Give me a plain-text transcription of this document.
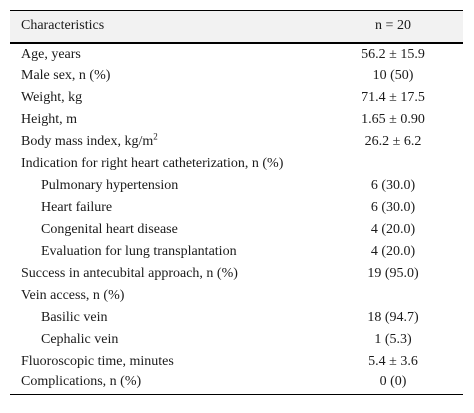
Characteristics	n = 20
Age, years	56.2 ± 15.9
Male sex, n (%)	10 (50)
Weight, kg	71.4 ± 17.5
Height, m	1.65 ± 0.90
Body mass index, $kg/m^2$	26.2 ± 6.2
Indication for right heart catheterization, n (%)	
Pulmonary hypertension	6 (30.0)
Heart failure	6 (30.0)
Congenital heart disease	4 (20.0)
Evaluation for lung transplantation	4 (20.0)
Success in antecubital approach, n (%)	19 (95.0)
Vein access, n (%)	
Basilic vein	18 (94.7)
Cephalic vein	1 (5.3)
Fluoroscopic time, minutes	5.4 ± 3.6
Complications, n (%)	0 (0)
